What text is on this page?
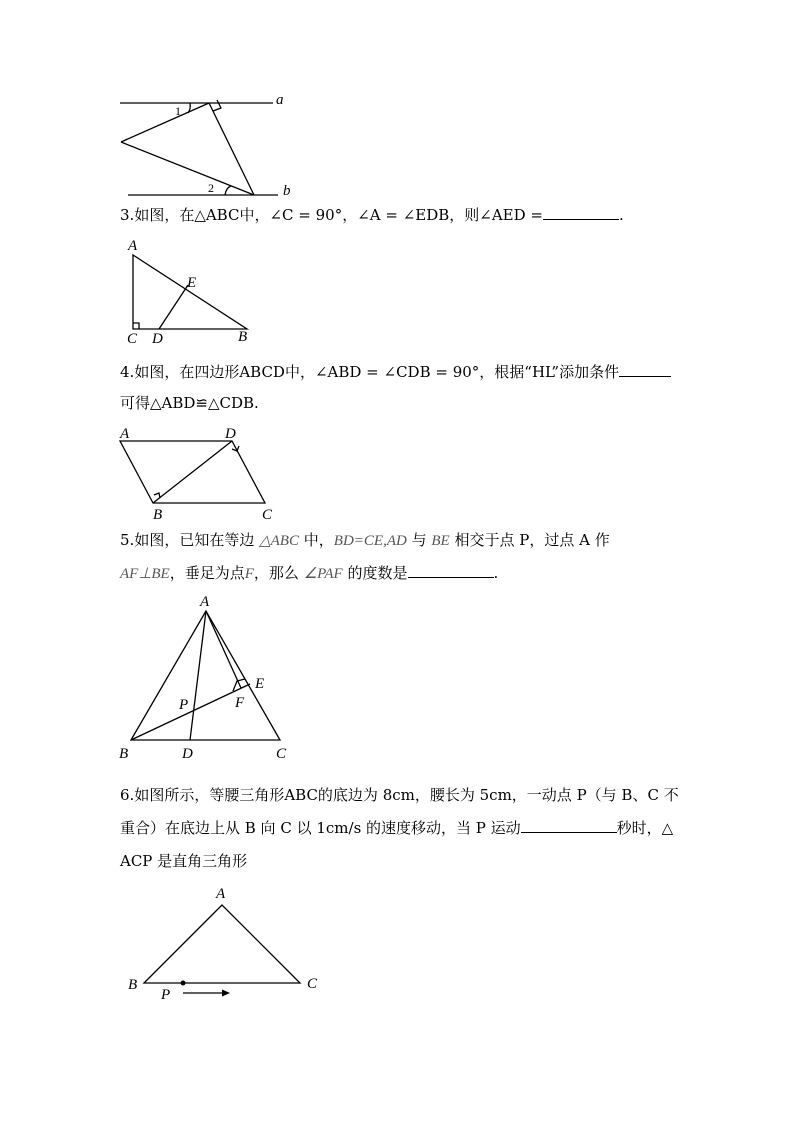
1
2
a
b
3.如图，在△ABC中，∠C = 90°，∠A = ∠EDB，则∠AED =	.
A
E
C D	B
4.如图，在四边形ABCD中，∠ABD = ∠CDB = 90°，根据“HL”添加条件
可得△ABD≌△CDB.
A	D
B	C
5.如图，已知在等边 △ABC 中，BD=CE,AD 与 BE 相交于点 P，过点 A 作
AF⊥BE，垂足为点F，那么 ∠PAF 的度数是	.
A
E
P	F
B	D	C
6.如图所示，等腰三角形ABC的底边为 8cm，腰长为 5cm，一动点 P（与 B、C 不
重合）在底边上从 B 向 C 以 1cm/s 的速度移动，当 P 运动	秒时，△
ACP 是直角三角形
A
B	C
P
